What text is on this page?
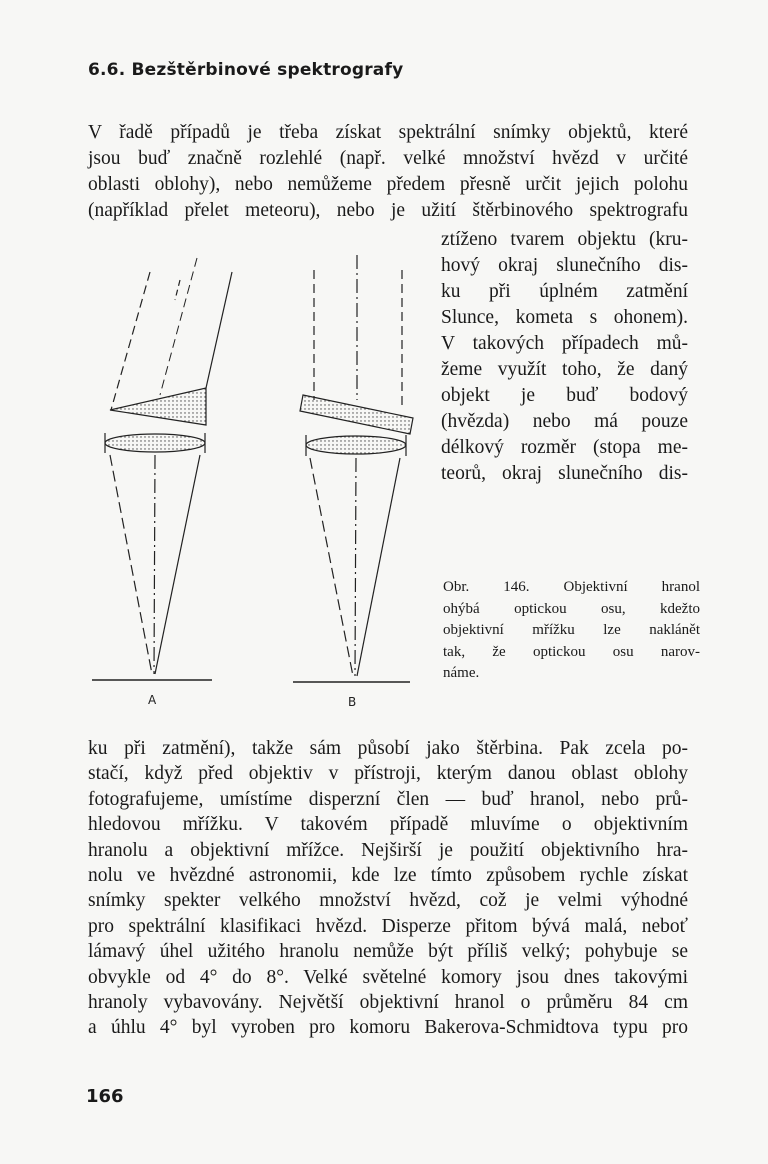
6.6. Bezštěrbinové spektrografy
V řadě případů je třeba získat spektrální snímky objektů, které
jsou buď značně rozlehlé (např. velké množství hvězd v určité
oblasti oblohy), nebo nemůžeme předem přesně určit jejich polohu
(například přelet meteoru), nebo je užití štěrbinového spektrografu
ztíženo tvarem objektu (kru-
hový okraj slunečního dis-
ku při úplném zatmění
Slunce, kometa s ohonem).
V takových případech mů-
žeme využít toho, že daný
objekt je buď bodový
(hvězda) nebo má pouze
délkový rozměr (stopa me-
teorů, okraj slunečního dis-
A	B
Obr. 146. Objektivní hranol
ohýbá optickou osu, kdežto
objektivní mřížku lze naklánět
tak, že optickou osu narov-
náme.
ku při zatmění), takže sám působí jako štěrbina. Pak zcela po-
stačí, když před objektiv v přístroji, kterým danou oblast oblohy
fotografujeme, umístíme disperzní člen — buď hranol, nebo prů-
hledovou mřížku. V takovém případě mluvíme o objektivním
hranolu a objektivní mřížce. Nejširší je použití objektivního hra-
nolu ve hvězdné astronomii, kde lze tímto způsobem rychle získat
snímky spekter velkého množství hvězd, což je velmi výhodné
pro spektrální klasifikaci hvězd. Disperze přitom bývá malá, neboť
lámavý úhel užitého hranolu nemůže být příliš velký; pohybuje se
obvykle od 4° do 8°. Velké světelné komory jsou dnes takovými
hranoly vybavovány. Největší objektivní hranol o průměru 84 cm
a úhlu 4° byl vyroben pro komoru Bakerova-Schmidtova typu pro
166
